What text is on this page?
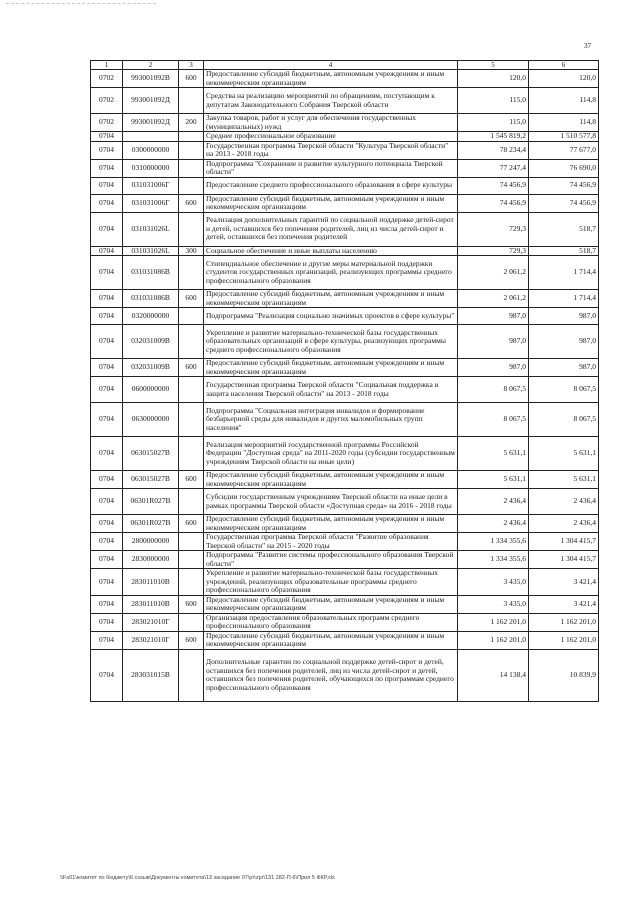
37
1	2	3	4	5	6
0702	993001092В	600	Предоставление субсидий бюджетным, автономным учреждениям и иным некоммерческим организациям	120,0	120,0
0702	993001092Д		Средства на реализацию мероприятий по обращениям, поступающим к депутатам Законодательного Собрания Тверской области	115,0	114,8
0702	993001092Д	200	Закупка товаров, работ и услуг для обеспечения государственных (муниципальных) нужд	115,0	114,8
0704			Среднее профессиональное образование	1 545 819,2	1 510 577,8
0704	0300000000		Государственная программа Тверской области "Культура Тверской области" на 2013 - 2018 годы	78 234,4	77 677,0
0704	0310000000		Подпрограмма "Сохранение и развитие культурного потенциала Тверской области"	77 247,4	76 690,0
0704	031031006Г		Предоставление среднего профессионального образования в сфере культуры	74 456,9	74 456,9
0704	031031006Г	600	Предоставление субсидий бюджетным, автономным учреждениям и иным некоммерческим организациям	74 456,9	74 456,9
0704	031031026L		Реализация дополнительных гарантий по социальной поддержке детей-сирот и детей, оставшихся без попечения родителей, лиц из числа детей-сирот и детей, оставшихся без попечения родителей	729,3	518,7
0704	031031026L	300	Социальное обеспечение и иные выплаты населению	729,3	518,7
0704	031031086В		Стипендиальное обеспечение и другие меры материальной поддержки студентов государственных организаций, реализующих программы среднего профессионального образования	2 061,2	1 714,4
0704	031031086В	600	Предоставление субсидий бюджетным, автономным учреждениям и иным некоммерческим организациям	2 061,2	1 714,4
0704	0320000000		Подпрограмма "Реализация социально значимых проектов в сфере культуры"	987,0	987,0
0704	032031009В		Укрепление и развитие материально-технической базы государственных образовательных организаций в сфере культуры, реализующих программы среднего профессионального образования	987,0	987,0
0704	032031009В	600	Предоставление субсидий бюджетным, автономным учреждениям и иным некоммерческим организациям	987,0	987,0
0704	0600000000		Государственная программа Тверской области "Социальная поддержка и защита населения Тверской области" на 2013 - 2018 годы	8 067,5	8 067,5
0704	0630000000		Подпрограмма "Социальная интеграция инвалидов и формирование безбарьерной среды для инвалидов и других маломобильных групп населения"	8 067,5	8 067,5
0704	063015027В		Реализация мероприятий государственной программы Российской Федерации "Доступная среда" на 2011-2020 годы (субсидии государственным учреждениям Тверской области на иные цели)	5 631,1	5 631,1
0704	063015027В	600	Предоставление субсидий бюджетным, автономным учреждениям и иным некоммерческим организациям	5 631,1	5 631,1
0704	06301R027В		Субсидии государственным учреждениям Тверской области на иные цели в рамках программы Тверской области «Доступная среда» на 2016 - 2018 годы	2 436,4	2 436,4
0704	06301R027В	600	Предоставление субсидий бюджетным, автономным учреждениям и иным некоммерческим организациям	2 436,4	2 436,4
0704	2800000000		Государственная программа Тверской области "Развитие образования Тверской области" на 2015 - 2020 годы	1 334 355,6	1 304 415,7
0704	2830000000		Подпрограмма "Развитие системы профессионального образования Тверской области"	1 334 355,6	1 304 415,7
0704	283011010В		Укрепление и развитие материально-технической базы государственных учреждений, реализующих образовательные программы среднего профессионального образования	3 435,0	3 421,4
0704	283011010В	600	Предоставление субсидий бюджетным, автономным учреждениям и иным некоммерческим организациям	3 435,0	3 421,4
0704	283021010Г		Организация предоставления образовательных программ среднего профессионального образования	1 162 201,0	1 162 201,0
0704	283021010Г	600	Предоставление субсидий бюджетным, автономным учреждениям и иным некоммерческим организациям	1 162 201,0	1 162 201,0
0704	283031015В		Дополнительные гарантии по социальной поддержке детей-сирот и детей, оставшихся без попечения родителей, лиц из числа детей-сирот и детей, оставшихся без попечения родителей, обучающихся по программам среднего профессионального образования	14 138,4	10 839,9
\\Fs01\комитет по бюджету\6 созыв\Документы комитета\13 заседание 07\pr\zpr\131 282-П-6\Прил 5 ФКР.xls
